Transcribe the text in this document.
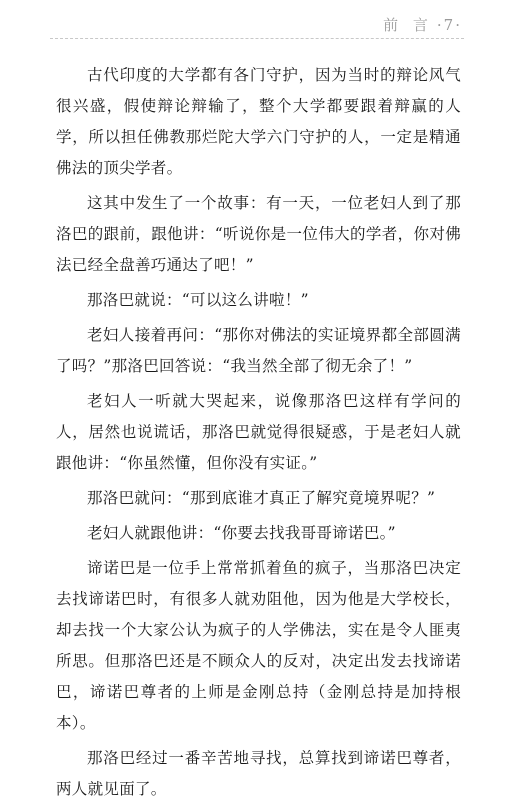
前 言 ·7·

古代印度的大学都有各门守护，因为当时的辩论风气很兴盛，假使辩论辩输了，整个大学都要跟着辩赢的人学，所以担任佛教那烂陀大学六门守护的人，一定是精通佛法的顶尖学者。

这其中发生了一个故事：有一天，一位老妇人到了那洛巴的跟前，跟他讲：“听说你是一位伟大的学者，你对佛法已经全盘善巧通达了吧！”

那洛巴就说：“可以这么讲啦！”

老妇人接着再问：“那你对佛法的实证境界都全部圆满了吗？”那洛巴回答说：“我当然全部了彻无余了！”

老妇人一听就大哭起来，说像那洛巴这样有学问的人，居然也说谎话，那洛巴就觉得很疑惑，于是老妇人就跟他讲：“你虽然懂，但你没有实证。”

那洛巴就问：“那到底谁才真正了解究竟境界呢？”

老妇人就跟他讲：“你要去找我哥哥谛诺巴。”

谛诺巴是一位手上常常抓着鱼的疯子，当那洛巴决定去找谛诺巴时，有很多人就劝阻他，因为他是大学校长，却去找一个大家公认为疯子的人学佛法，实在是令人匪夷所思。但那洛巴还是不顾众人的反对，决定出发去找谛诺巴，谛诺巴尊者的上师是金刚总持（金刚总持是加持根本）。

那洛巴经过一番辛苦地寻找，总算找到谛诺巴尊者，两人就见面了。
